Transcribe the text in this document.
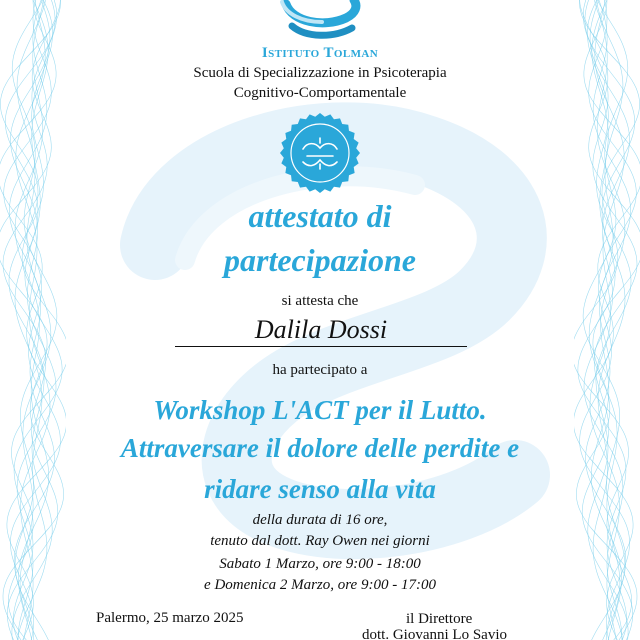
Istituto Tolman
Scuola di Specializzazione in Psicoterapia
Cognitivo-Comportamentale
attestato di
partecipazione
si attesta che
Dalila Dossi
ha partecipato a
Workshop L'ACT per il Lutto.
Attraversare il dolore delle perdite e
ridare senso alla vita
della durata di 16 ore,
tenuto dal dott. Ray Owen nei giorni
Sabato 1 Marzo, ore 9:00 - 18:00
e Domenica 2 Marzo, ore 9:00 - 17:00
Palermo, 25 marzo 2025	il Direttore
dott. Giovanni Lo Savio
